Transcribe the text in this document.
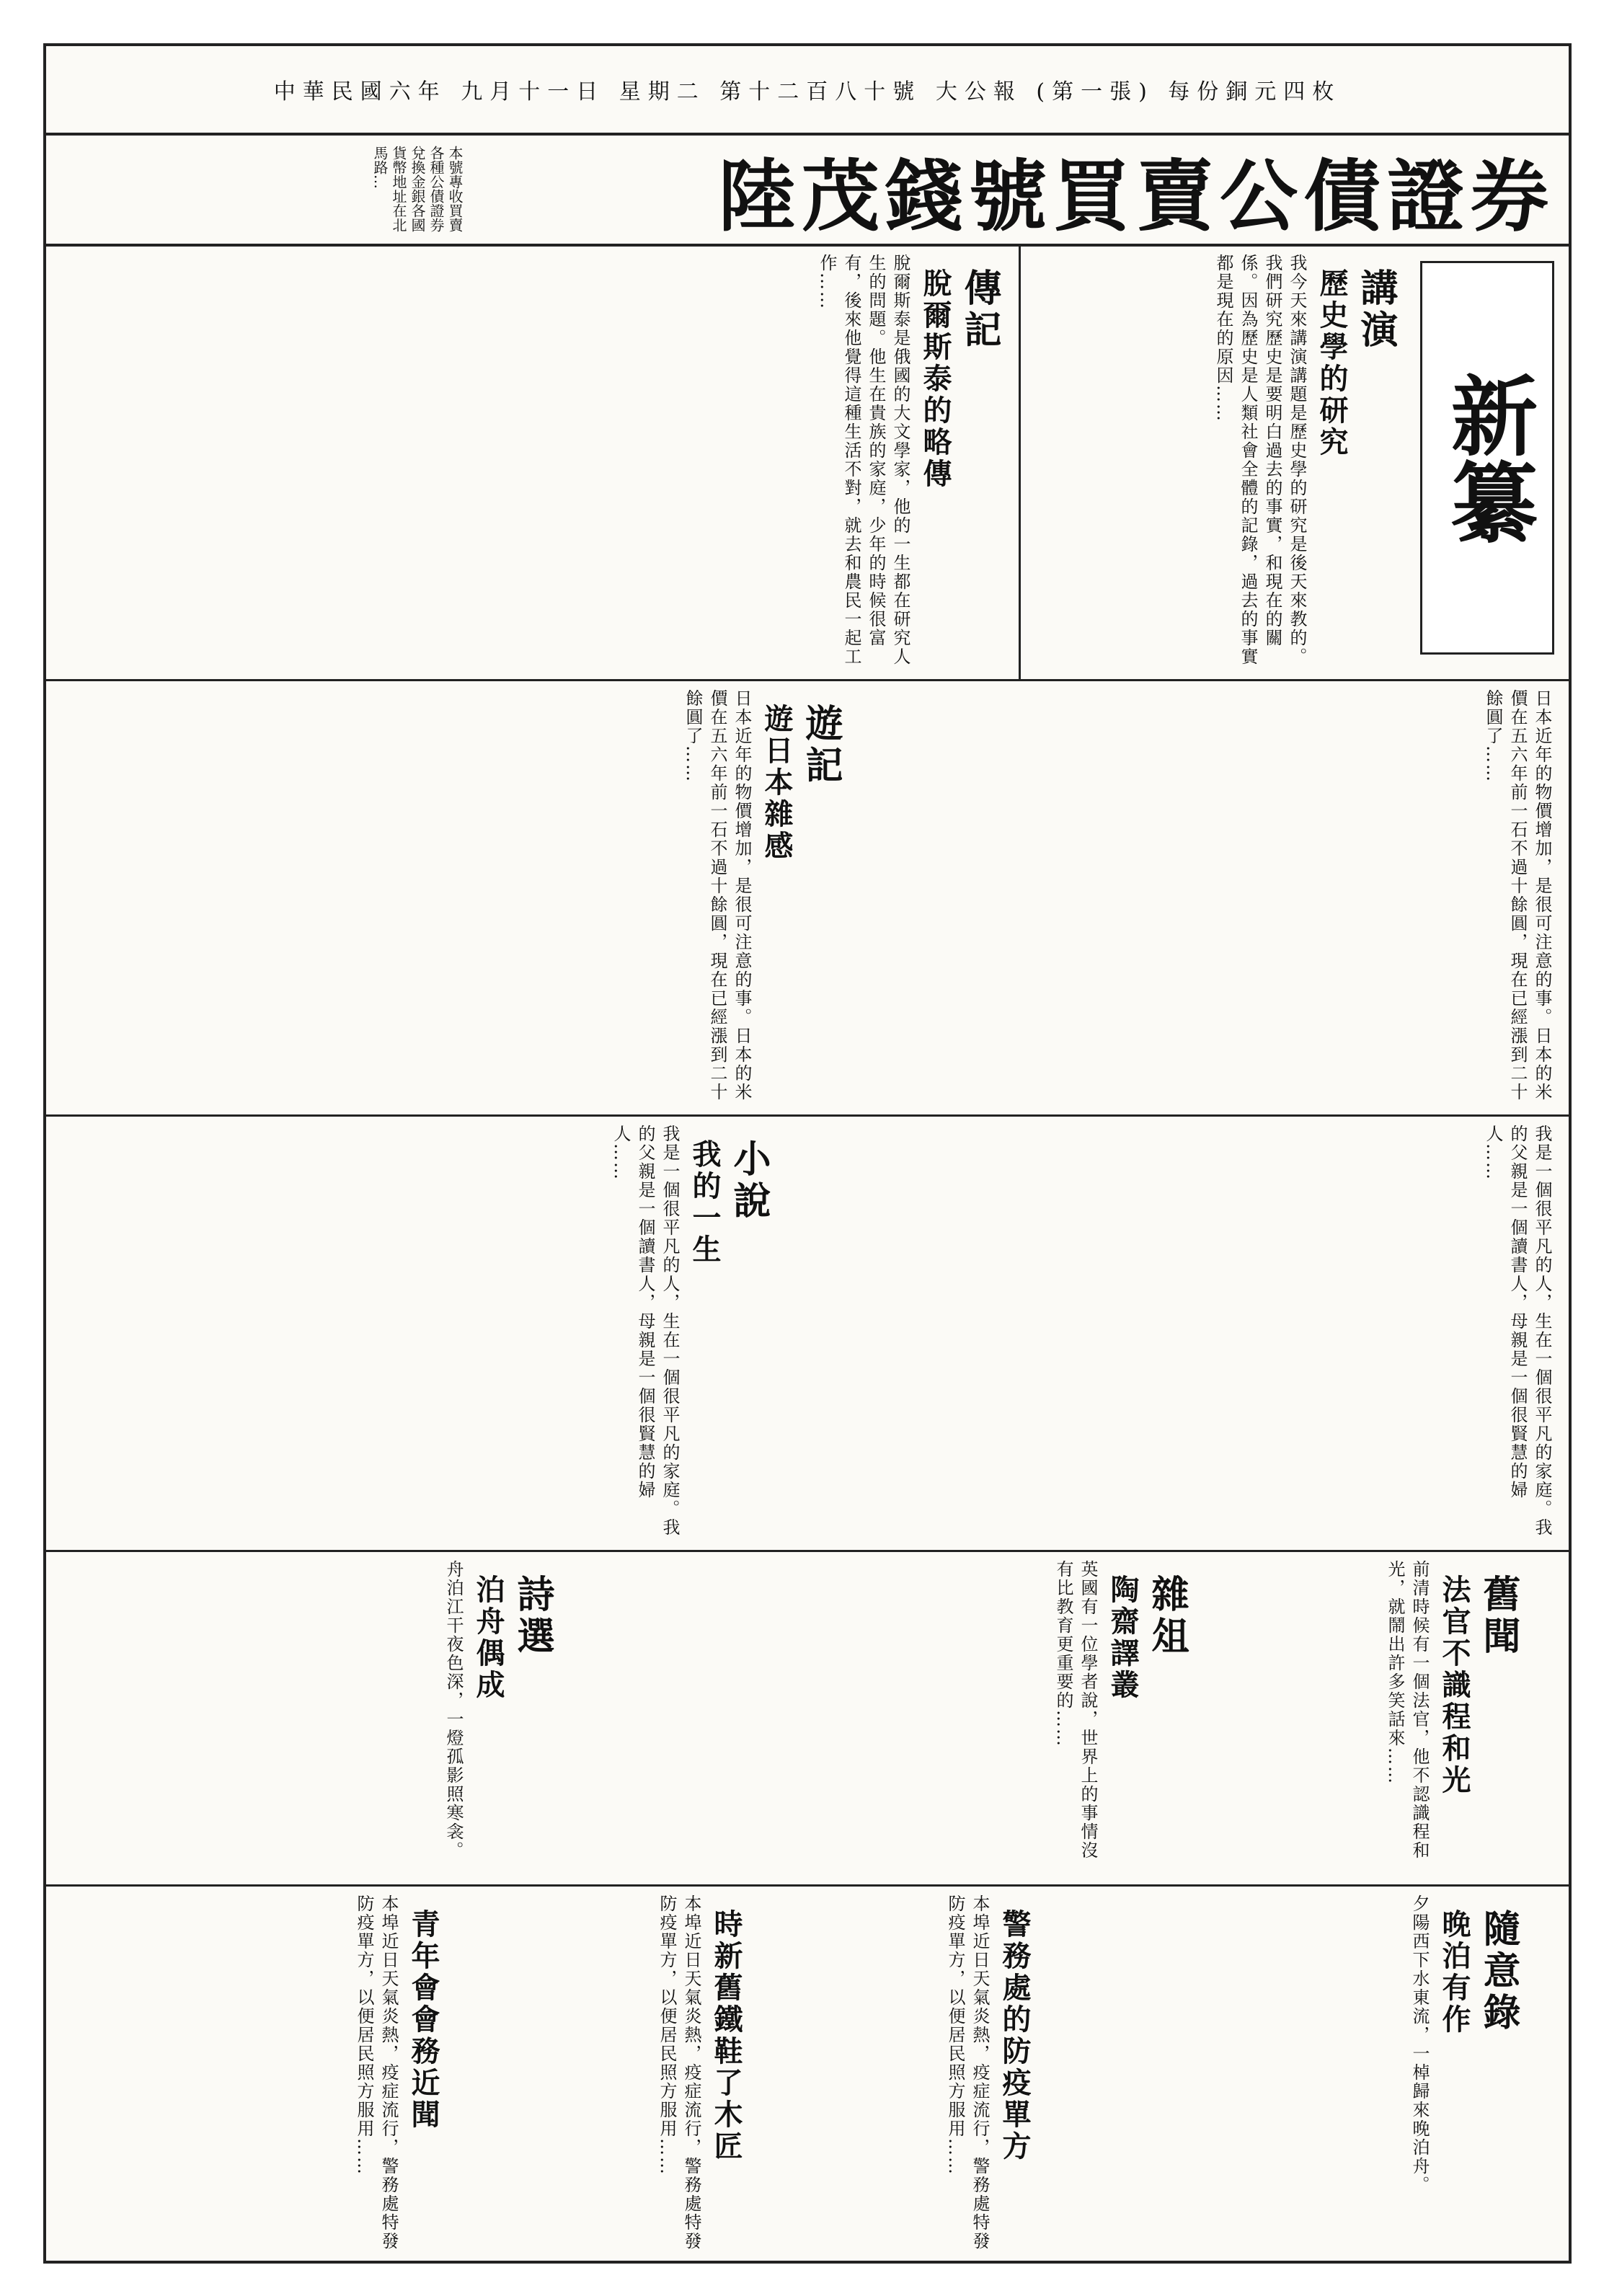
中華民國六年 九月十一日 星期二 第十二百八十號 大公報 (第一張) 每份銅元四枚
陸茂錢號買賣公債證券
本號專收買賣各種公債證券兌換金銀各國貨幣地址在北馬路…
新纂
講演
歷史學的研究
我今天來講演講題是歷史學的研究是後天來教的。我們研究歷史是要明白過去的事實，和現在的關係。因為歷史是人類社會全體的記錄，過去的事實都是現在的原因……
傳記
脫爾斯泰的略傳
脫爾斯泰是俄國的大文學家，他的一生都在研究人生的問題。他生在貴族的家庭，少年的時候很富有，後來他覺得這種生活不對，就去和農民一起工作……
遊記
遊日本雜感	日本近年的物價增加，是很可注意的事。日本的米價在五六年前一石不過十餘圓，現在已經漲到二十餘圓了……
日本近年的物價增加，是很可注意的事。日本的米價在五六年前一石不過十餘圓，現在已經漲到二十餘圓了……
小說
我的一生	我是一個很平凡的人，生在一個很平凡的家庭。我的父親是一個讀書人，母親是一個很賢慧的婦人……
我是一個很平凡的人，生在一個很平凡的家庭。我的父親是一個讀書人，母親是一個很賢慧的婦人……
舊聞
法官不識程和光
前清時候有一個法官，他不認識程和光，就鬧出許多笑話來……
雜俎
陶齋譯叢
英國有一位學者說，世界上的事情沒有比教育更重要的……
詩選
泊舟偶成
舟泊江干夜色深，一燈孤影照寒衾。
隨意錄
晚泊有作
夕陽西下水東流，一棹歸來晚泊舟。
警務處的防疫單方
時新舊鐵鞋了木匠
青年會會務近聞	本埠近日天氣炎熱，疫症流行，警務處特發防疫單方，以便居民照方服用……
本埠近日天氣炎熱，疫症流行，警務處特發防疫單方，以便居民照方服用……
本埠近日天氣炎熱，疫症流行，警務處特發防疫單方，以便居民照方服用……
